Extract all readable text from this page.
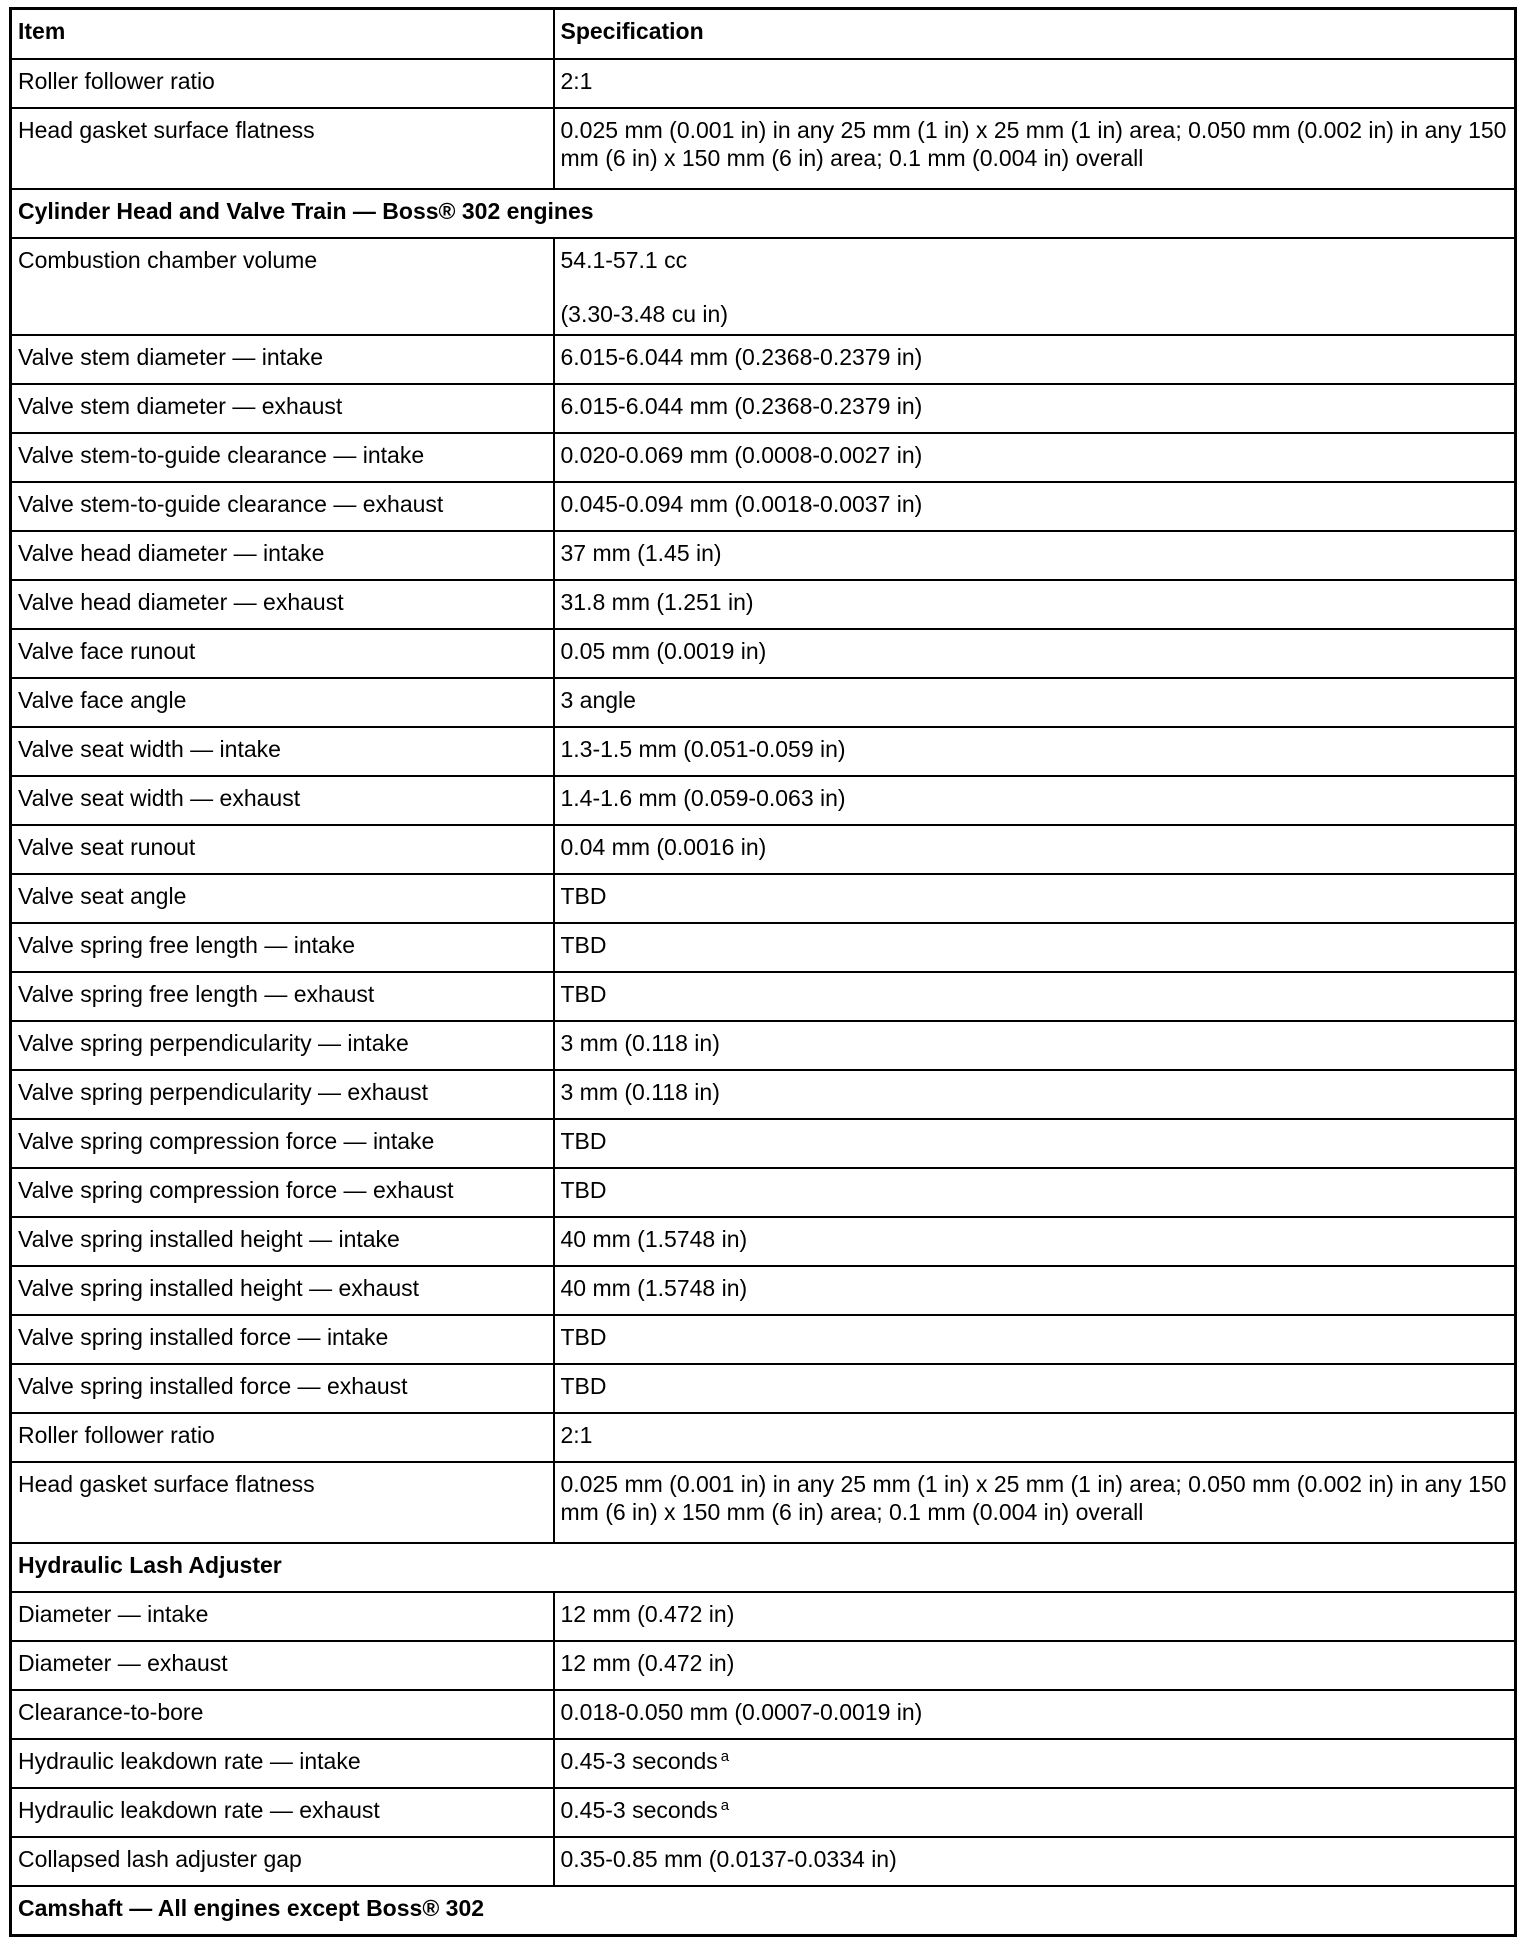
Item	Specification
Roller follower ratio	2:1
Head gasket surface flatness	0.025 mm (0.001 in) in any 25 mm (1 in) x 25 mm (1 in) area; 0.050 mm (0.002 in) in any 150 mm (6 in) x 150 mm (6 in) area; 0.1 mm (0.004 in) overall
Cylinder Head and Valve Train — Boss® 302 engines	
Combustion chamber volume	54.1-57.1 cc
(3.30-3.48 cu in)

Valve stem diameter — intake	6.015-6.044 mm (0.2368-0.2379 in)
Valve stem diameter — exhaust	6.015-6.044 mm (0.2368-0.2379 in)
Valve stem-to-guide clearance — intake	0.020-0.069 mm (0.0008-0.0027 in)
Valve stem-to-guide clearance — exhaust	0.045-0.094 mm (0.0018-0.0037 in)
Valve head diameter — intake	37 mm (1.45 in)
Valve head diameter — exhaust	31.8 mm (1.251 in)
Valve face runout	0.05 mm (0.0019 in)
Valve face angle	3 angle
Valve seat width — intake	1.3-1.5 mm (0.051-0.059 in)
Valve seat width — exhaust	1.4-1.6 mm (0.059-0.063 in)
Valve seat runout	0.04 mm (0.0016 in)
Valve seat angle	TBD
Valve spring free length — intake	TBD
Valve spring free length — exhaust	TBD
Valve spring perpendicularity — intake	3 mm (0.118 in)
Valve spring perpendicularity — exhaust	3 mm (0.118 in)
Valve spring compression force — intake	TBD
Valve spring compression force — exhaust	TBD
Valve spring installed height — intake	40 mm (1.5748 in)
Valve spring installed height — exhaust	40 mm (1.5748 in)
Valve spring installed force — intake	TBD
Valve spring installed force — exhaust	TBD
Roller follower ratio	2:1
Head gasket surface flatness	0.025 mm (0.001 in) in any 25 mm (1 in) x 25 mm (1 in) area; 0.050 mm (0.002 in) in any 150 mm (6 in) x 150 mm (6 in) area; 0.1 mm (0.004 in) overall
Hydraulic Lash Adjuster	
Diameter — intake	12 mm (0.472 in)
Diameter — exhaust	12 mm (0.472 in)
Clearance-to-bore	0.018-0.050 mm (0.0007-0.0019 in)
Hydraulic leakdown rate — intake	0.45-3 seconds $^a$
Hydraulic leakdown rate — exhaust	0.45-3 seconds $^a$
Collapsed lash adjuster gap	0.35-0.85 mm (0.0137-0.0334 in)
Camshaft — All engines except Boss® 302	
